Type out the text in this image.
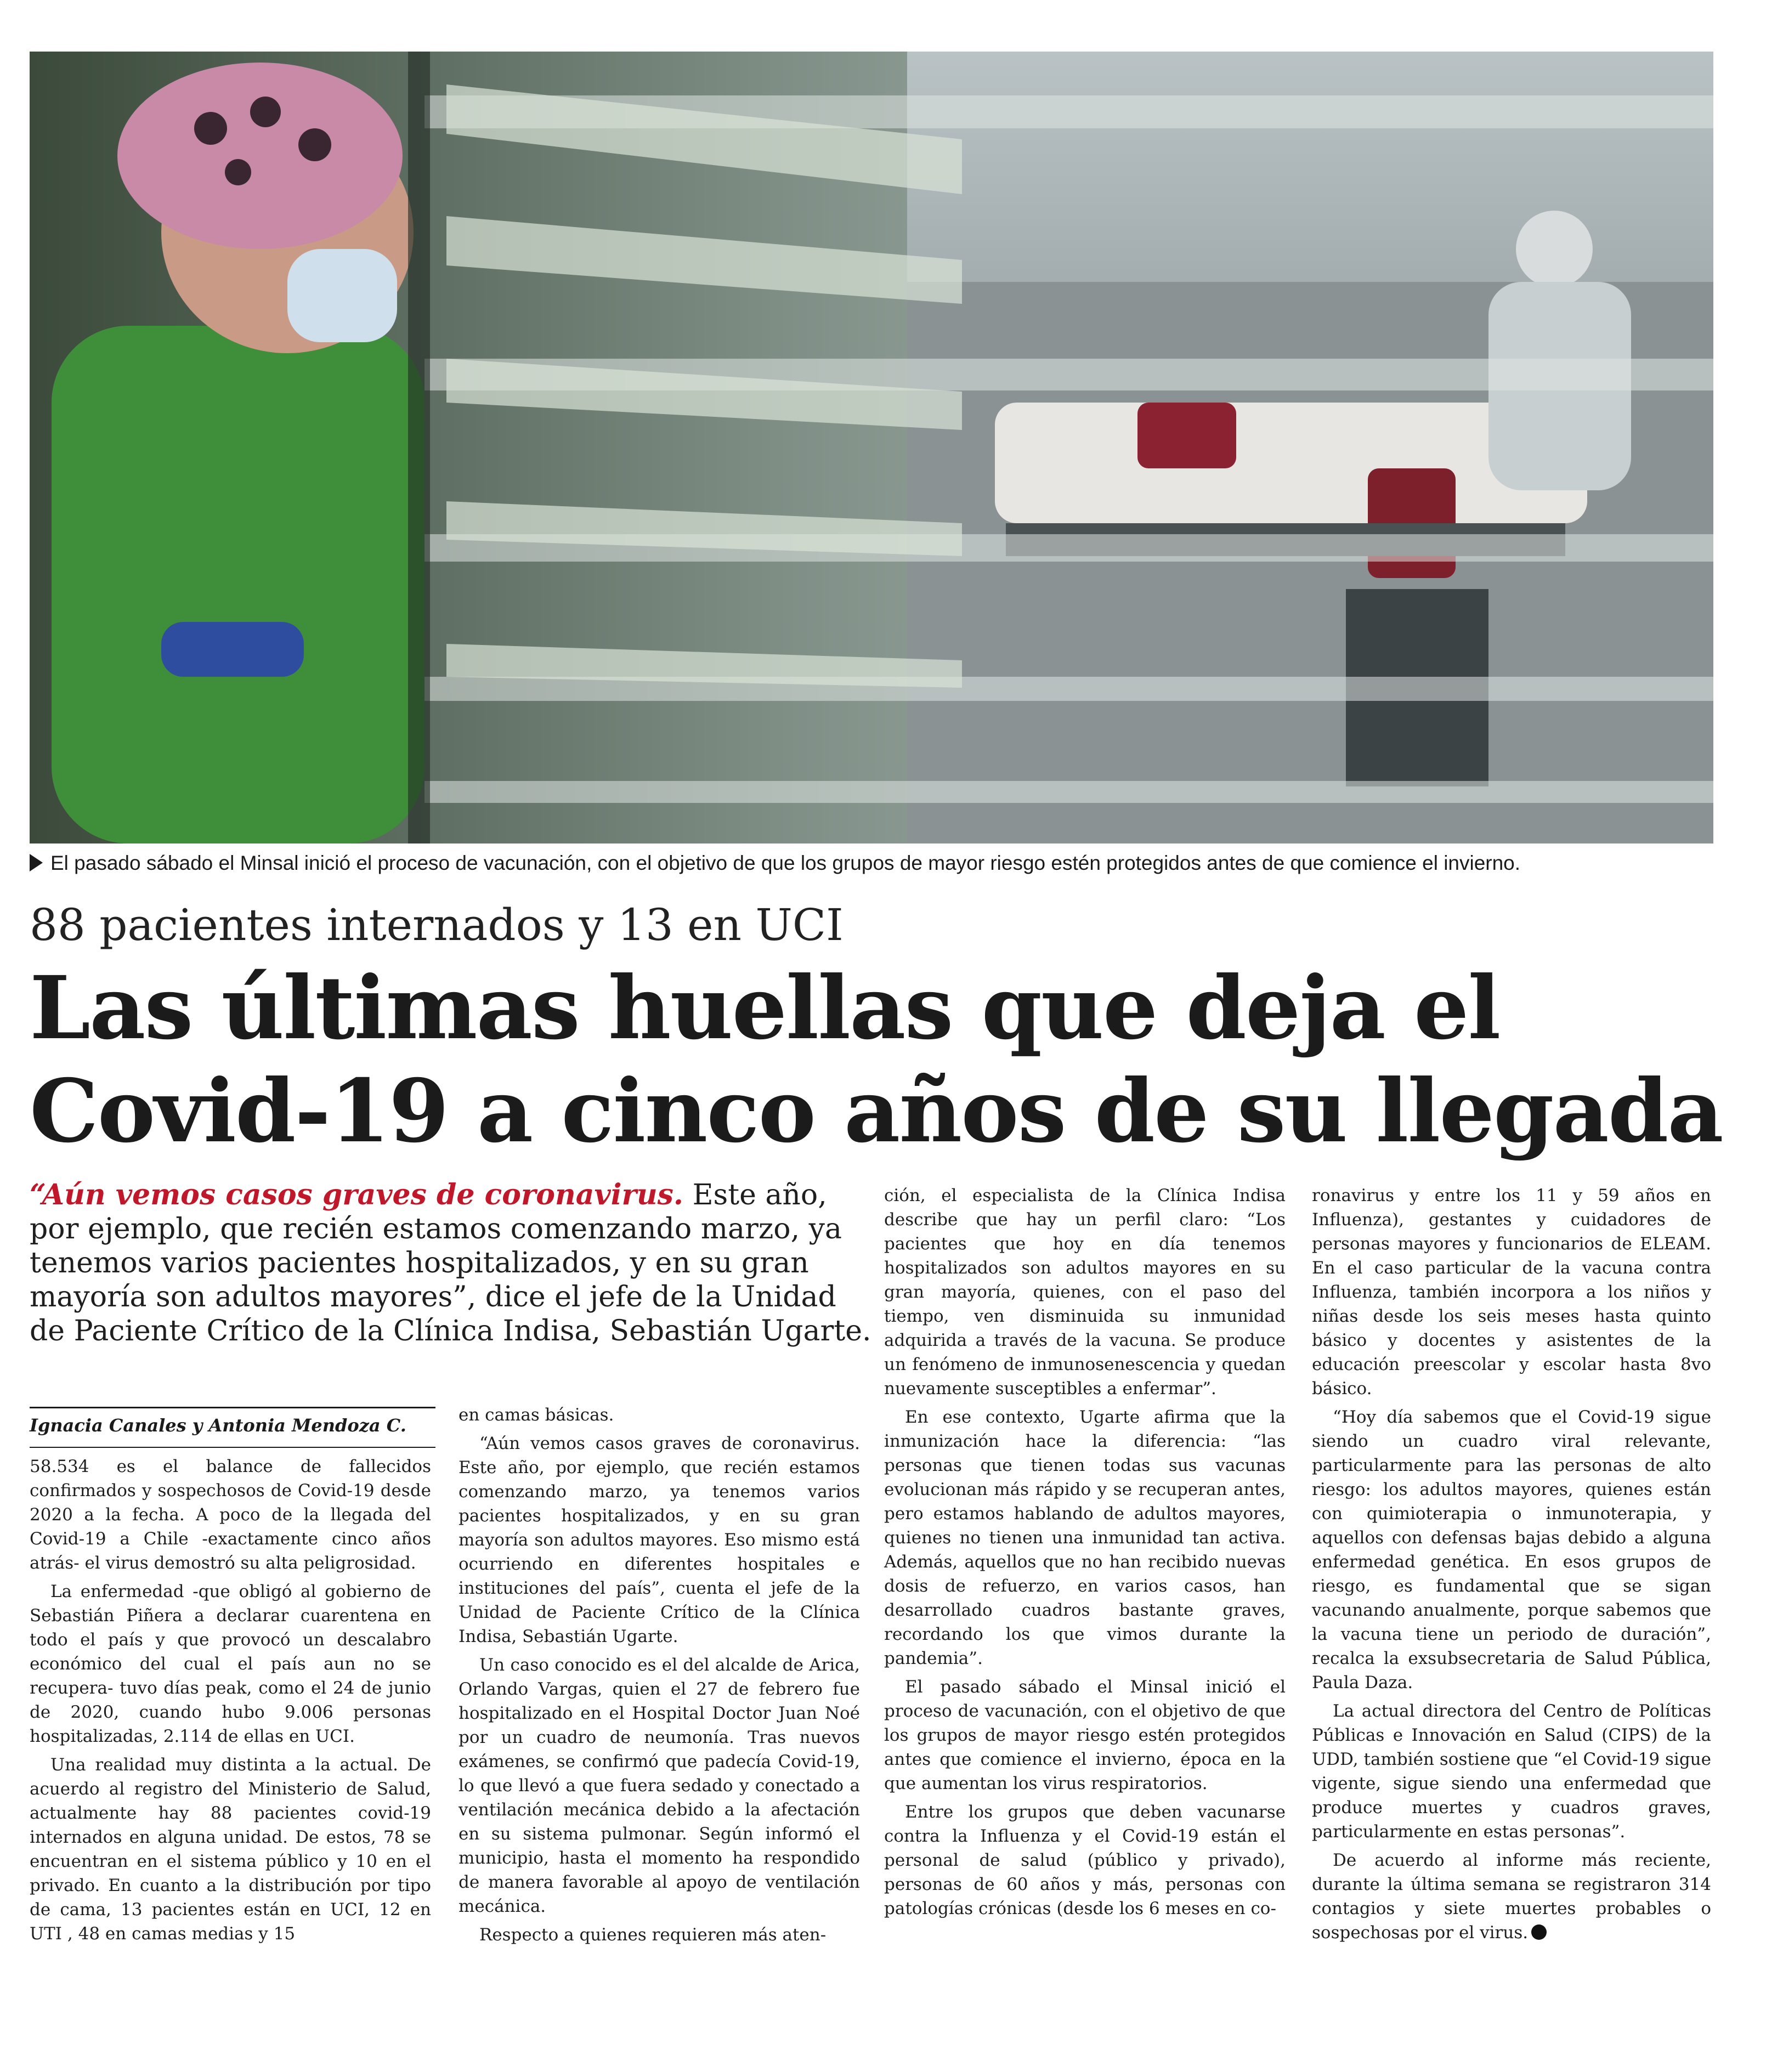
El pasado sábado el Minsal inició el proceso de vacunación, con el objetivo de que los grupos de mayor riesgo estén protegidos antes de que comience el invierno.
88 pacientes internados y 13 en UCI
Las últimas huellas que deja el
Covid-19 a cinco años de su llegada
“Aún vemos casos graves de coronavirus. Este año, por ejemplo, que recién estamos comenzando marzo, ya tenemos varios pacientes hospitalizados, y en su gran mayoría son adultos mayores”, dice el jefe de la Unidad de Paciente Crítico de la Clínica Indisa, Sebastián Ugarte.
Ignacia Canales y Antonia Mendoza C.

58.534 es el balance de fallecidos confirmados y sospechosos de Covid-19 desde 2020 a la fecha. A poco de la llegada del Covid-19 a Chile -exactamente cinco años atrás- el virus demostró su alta peligrosidad.

La enfermedad -que obligó al gobierno de Sebastián Piñera a declarar cuarentena en todo el país y que provocó un descalabro económico del cual el país aun no se recupera- tuvo días peak, como el 24 de junio de 2020, cuando hubo 9.006 personas hospitalizadas, 2.114 de ellas en UCI.

Una realidad muy distinta a la actual. De acuerdo al registro del Ministerio de Salud, actualmente hay 88 pacientes covid-19 internados en alguna unidad. De estos, 78 se encuentran en el sistema público y 10 en el privado. En cuanto a la distribución por tipo de cama, 13 pacientes están en UCI, 12 en UTI , 48 en camas medias y 15

en camas básicas.

“Aún vemos casos graves de coronavirus. Este año, por ejemplo, que recién estamos comenzando marzo, ya tenemos varios pacientes hospitalizados, y en su gran mayoría son adultos mayores. Eso mismo está ocurriendo en diferentes hospitales e instituciones del país”, cuenta el jefe de la Unidad de Paciente Crítico de la Clínica Indisa, Sebastián Ugarte.

Un caso conocido es el del alcalde de Arica, Orlando Vargas, quien el 27 de febrero fue hospitalizado en el Hospital Doctor Juan Noé por un cuadro de neumonía. Tras nuevos exámenes, se confirmó que padecía Covid-19, lo que llevó a que fuera sedado y conectado a ventilación mecánica debido a la afectación en su sistema pulmonar. Según informó el municipio, hasta el momento ha respondido de manera favorable al apoyo de ventilación mecánica.

Respecto a quienes requieren más aten-

ción, el especialista de la Clínica Indisa describe que hay un perfil claro: “Los pacientes que hoy en día tenemos hospitalizados son adultos mayores en su gran mayoría, quienes, con el paso del tiempo, ven disminuida su inmunidad adquirida a través de la vacuna. Se produce un fenómeno de inmunosenescencia y quedan nuevamente susceptibles a enfermar”.

En ese contexto, Ugarte afirma que la inmunización hace la diferencia: “las personas que tienen todas sus vacunas evolucionan más rápido y se recuperan antes, pero estamos hablando de adultos mayores, quienes no tienen una inmunidad tan activa. Además, aquellos que no han recibido nuevas dosis de refuerzo, en varios casos, han desarrollado cuadros bastante graves, recordando los que vimos durante la pandemia”.

El pasado sábado el Minsal inició el proceso de vacunación, con el objetivo de que los grupos de mayor riesgo estén protegidos antes que comience el invierno, época en la que aumentan los virus respiratorios.

Entre los grupos que deben vacunarse contra la Influenza y el Covid-19 están el personal de salud (público y privado), personas de 60 años y más, personas con patologías crónicas (desde los 6 meses en co-

ronavirus y entre los 11 y 59 años en Influenza), gestantes y cuidadores de personas mayores y funcionarios de ELEAM. En el caso particular de la vacuna contra Influenza, también incorpora a los niños y niñas desde los seis meses hasta quinto básico y docentes y asistentes de la educación preescolar y escolar hasta 8vo básico.

“Hoy día sabemos que el Covid-19 sigue siendo un cuadro viral relevante, particularmente para las personas de alto riesgo: los adultos mayores, quienes están con quimioterapia o inmunoterapia, y aquellos con defensas bajas debido a alguna enfermedad genética. En esos grupos de riesgo, es fundamental que se sigan vacunando anualmente, porque sabemos que la vacuna tiene un periodo de duración”, recalca la exsubsecretaria de Salud Pública, Paula Daza.

La actual directora del Centro de Políticas Públicas e Innovación en Salud (CIPS) de la UDD, también sostiene que “el Covid-19 sigue vigente, sigue siendo una enfermedad que produce muertes y cuadros graves, particularmente en estas personas”.

De acuerdo al informe más reciente, durante la última semana se registraron 314 contagios y siete muertes probables o sospechosas por el virus.
